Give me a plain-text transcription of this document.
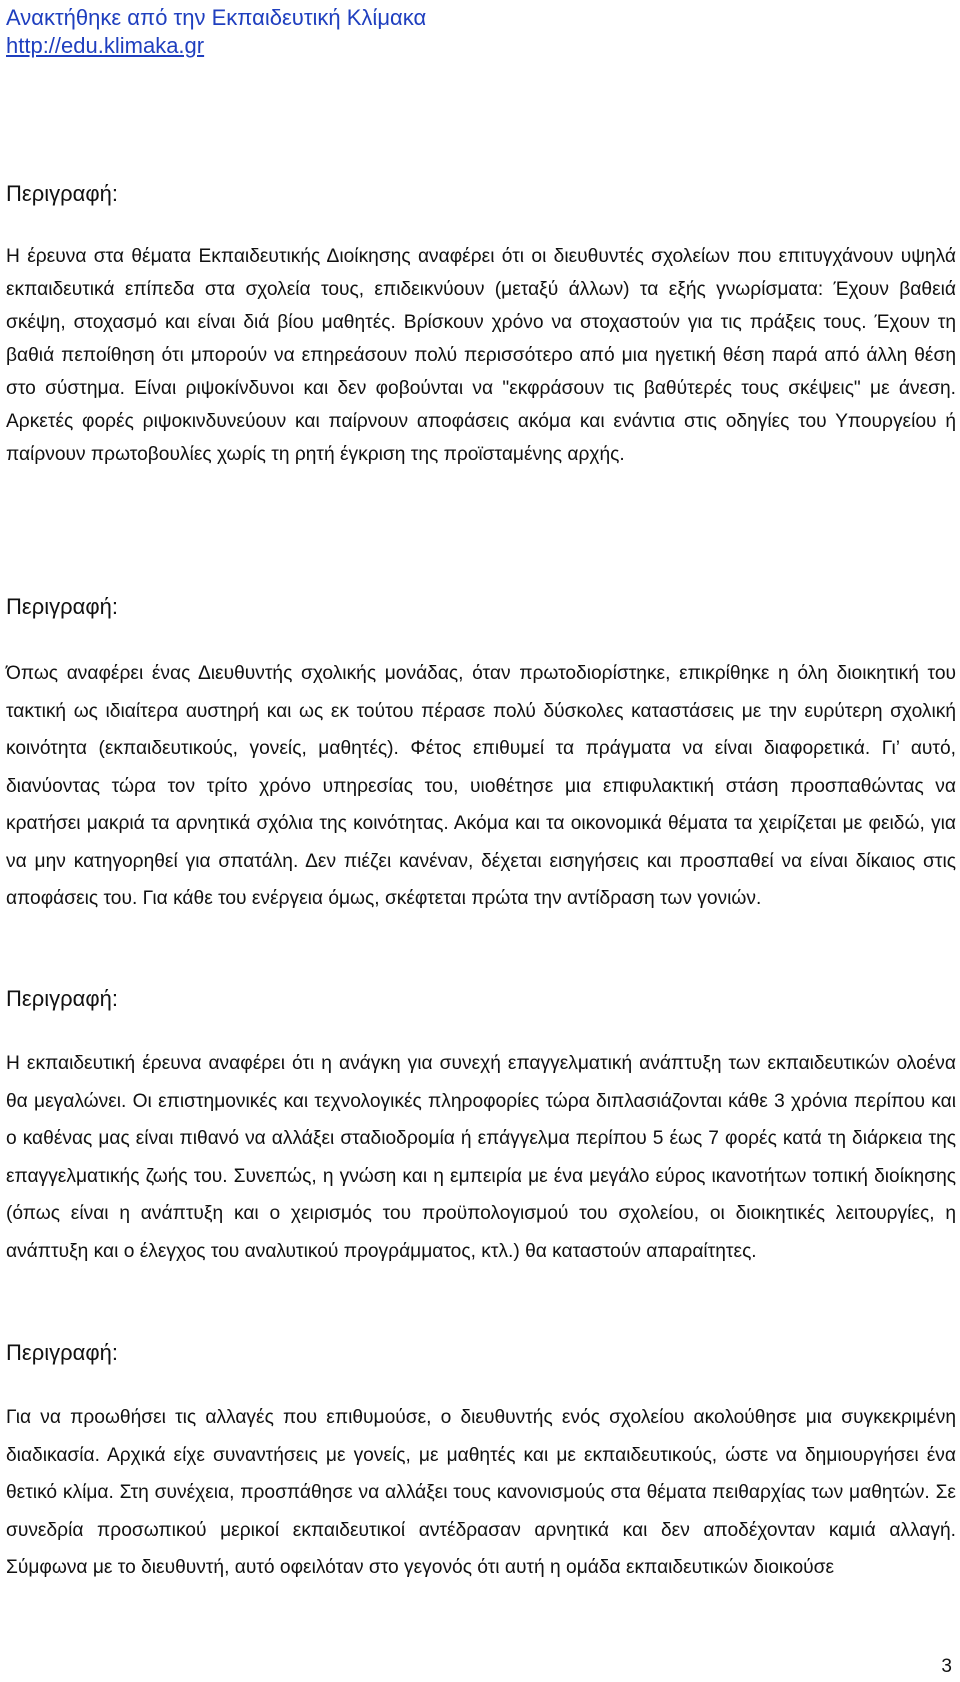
Ανακτήθηκε από την Εκπαιδευτική Κλίμακα
http://edu.klimaka.gr

Περιγραφή:

Η έρευνα στα θέματα Εκπαιδευτικής Διοίκησης αναφέρει ότι οι διευθυντές σχολείων που επιτυγχάνουν υψηλά εκπαιδευτικά επίπεδα στα σχολεία τους, επιδεικνύουν (μεταξύ άλλων) τα εξής γνωρίσματα: Έχουν βαθειά σκέψη, στοχασμό και είναι διά βίου μαθητές. Βρίσκουν χρόνο να στοχαστούν για τις πράξεις τους. Έχουν τη βαθιά πεποίθηση ότι μπορούν να επηρεάσουν πολύ περισσότερο από μια ηγετική θέση παρά από άλλη θέση στο σύστημα. Είναι ριψοκίνδυνοι και δεν φοβούνται να "εκφράσουν τις βαθύτερές τους σκέψεις" με άνεση. Αρκετές φορές ριψοκινδυνεύουν και παίρνουν αποφάσεις ακόμα και ενάντια στις οδηγίες του Υπουργείου ή παίρνουν πρωτοβουλίες χωρίς τη ρητή έγκριση της προϊσταμένης αρχής.

Περιγραφή:

Όπως αναφέρει ένας Διευθυντής σχολικής μονάδας, όταν πρωτοδιορίστηκε, επικρίθηκε η όλη διοικητική του τακτική ως ιδιαίτερα αυστηρή και ως εκ τούτου πέρασε πολύ δύσκολες καταστάσεις με την ευρύτερη σχολική κοινότητα (εκπαιδευτικούς, γονείς, μαθητές). Φέτος επιθυμεί τα πράγματα να είναι διαφορετικά. Γι’ αυτό, διανύοντας τώρα τον τρίτο χρόνο υπηρεσίας του, υιοθέτησε μια επιφυλακτική στάση προσπαθώντας να κρατήσει μακριά τα αρνητικά σχόλια της κοινότητας. Ακόμα και τα οικονομικά θέματα τα χειρίζεται με φειδώ, για να μην κατηγορηθεί για σπατάλη. Δεν πιέζει κανέναν, δέχεται εισηγήσεις και προσπαθεί να είναι δίκαιος στις αποφάσεις του. Για κάθε του ενέργεια όμως, σκέφτεται πρώτα την αντίδραση των γονιών.

Περιγραφή:

Η εκπαιδευτική έρευνα αναφέρει ότι η ανάγκη για συνεχή επαγγελματική ανάπτυξη των εκπαιδευτικών ολοένα θα μεγαλώνει. Οι επιστημονικές και τεχνολογικές πληροφορίες τώρα διπλασιάζονται κάθε 3 χρόνια περίπου και ο καθένας μας είναι πιθανό να αλλάξει σταδιοδρομία ή επάγγελμα περίπου 5 έως 7 φορές κατά τη διάρκεια της επαγγελματικής ζωής του. Συνεπώς, η γνώση και η εμπειρία με ένα μεγάλο εύρος ικανοτήτων τοπική διοίκησης (όπως είναι η ανάπτυξη και ο χειρισμός του προϋπολογισμού του σχολείου, οι διοικητικές λειτουργίες, η ανάπτυξη και ο έλεγχος του αναλυτικού προγράμματος, κτλ.) θα καταστούν απαραίτητες.

Περιγραφή:

Για να προωθήσει τις αλλαγές που επιθυμούσε, ο διευθυντής ενός σχολείου ακολούθησε μια συγκεκριμένη διαδικασία. Αρχικά είχε συναντήσεις με γονείς, με μαθητές και με εκπαιδευτικούς, ώστε να δημιουργήσει ένα θετικό κλίμα. Στη συνέχεια, προσπάθησε να αλλάξει τους κανονισμούς στα θέματα πειθαρχίας των μαθητών. Σε συνεδρία προσωπικού μερικοί εκπαιδευτικοί αντέδρασαν αρνητικά και δεν αποδέχονταν καμιά αλλαγή. Σύμφωνα με το διευθυντή, αυτό οφειλόταν στο γεγονός ότι αυτή η ομάδα εκπαιδευτικών διοικούσε

3
